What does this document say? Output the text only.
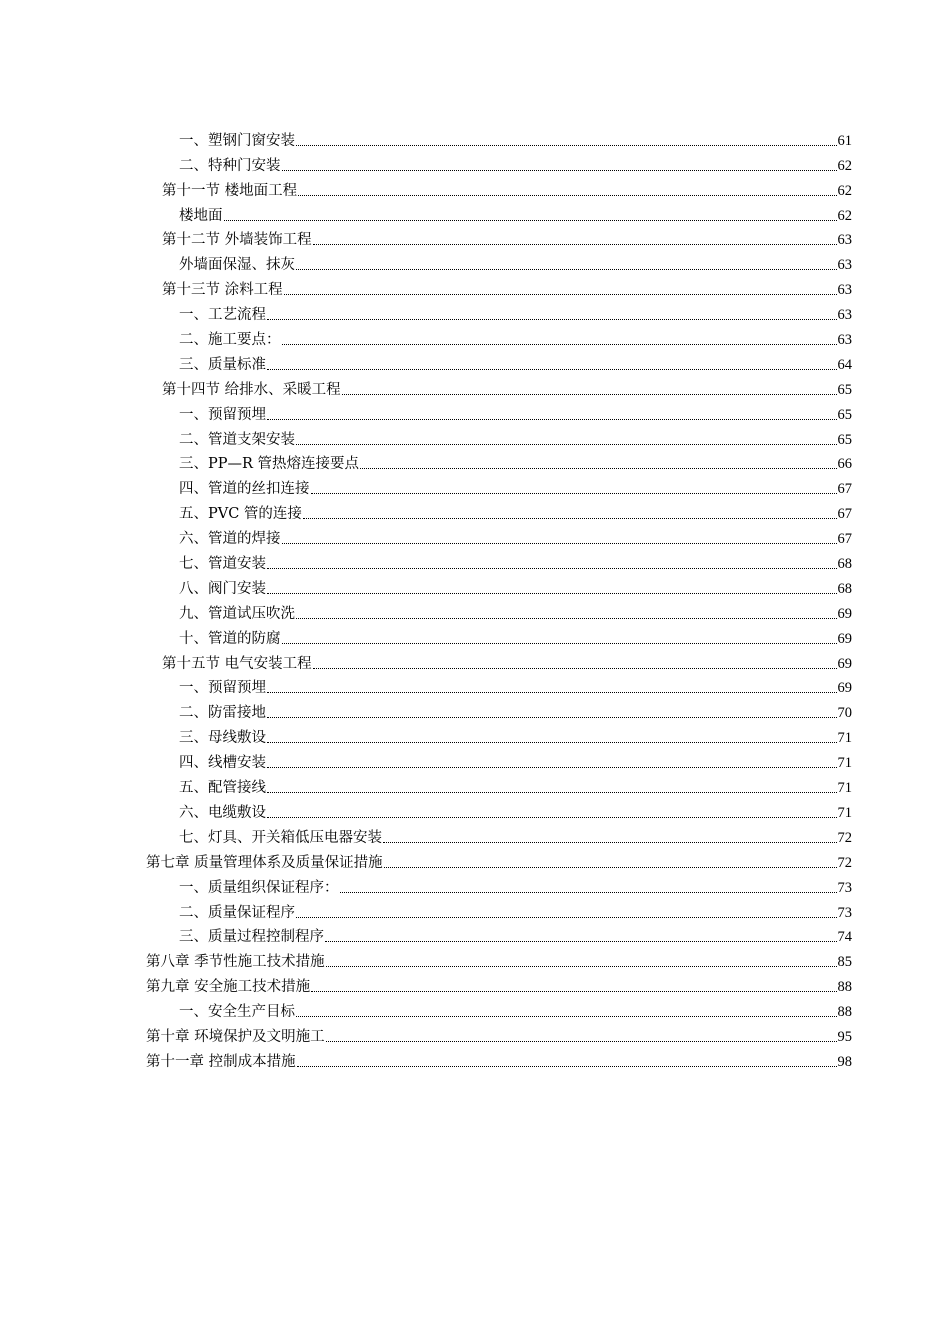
一、塑钢门窗安装	61
二、特种门安装	62
第十一节 楼地面工程	62
楼地面	62
第十二节 外墙装饰工程	63
外墙面保湿、抹灰	63
第十三节 涂料工程	63
一、工艺流程	63
二、施工要点：	63
三、质量标准	64
第十四节 给排水、采暖工程	65
一、预留预埋	65
二、管道支架安装	65
三、PP—R 管热熔连接要点	66
四、管道的丝扣连接	67
五、PVC 管的连接	67
六、管道的焊接	67
七、管道安装	68
八、阀门安装	68
九、管道试压吹洗	69
十、管道的防腐	69
第十五节 电气安装工程	69
一、预留预埋	69
二、防雷接地	70
三、母线敷设	71
四、线槽安装	71
五、配管接线	71
六、电缆敷设	71
七、灯具、开关箱低压电器安装	72
第七章 质量管理体系及质量保证措施	72
一、质量组织保证程序：	73
二、质量保证程序	73
三、质量过程控制程序	74
第八章 季节性施工技术措施	85
第九章 安全施工技术措施	88
一、安全生产目标	88
第十章 环境保护及文明施工	95
第十一章 控制成本措施	98
